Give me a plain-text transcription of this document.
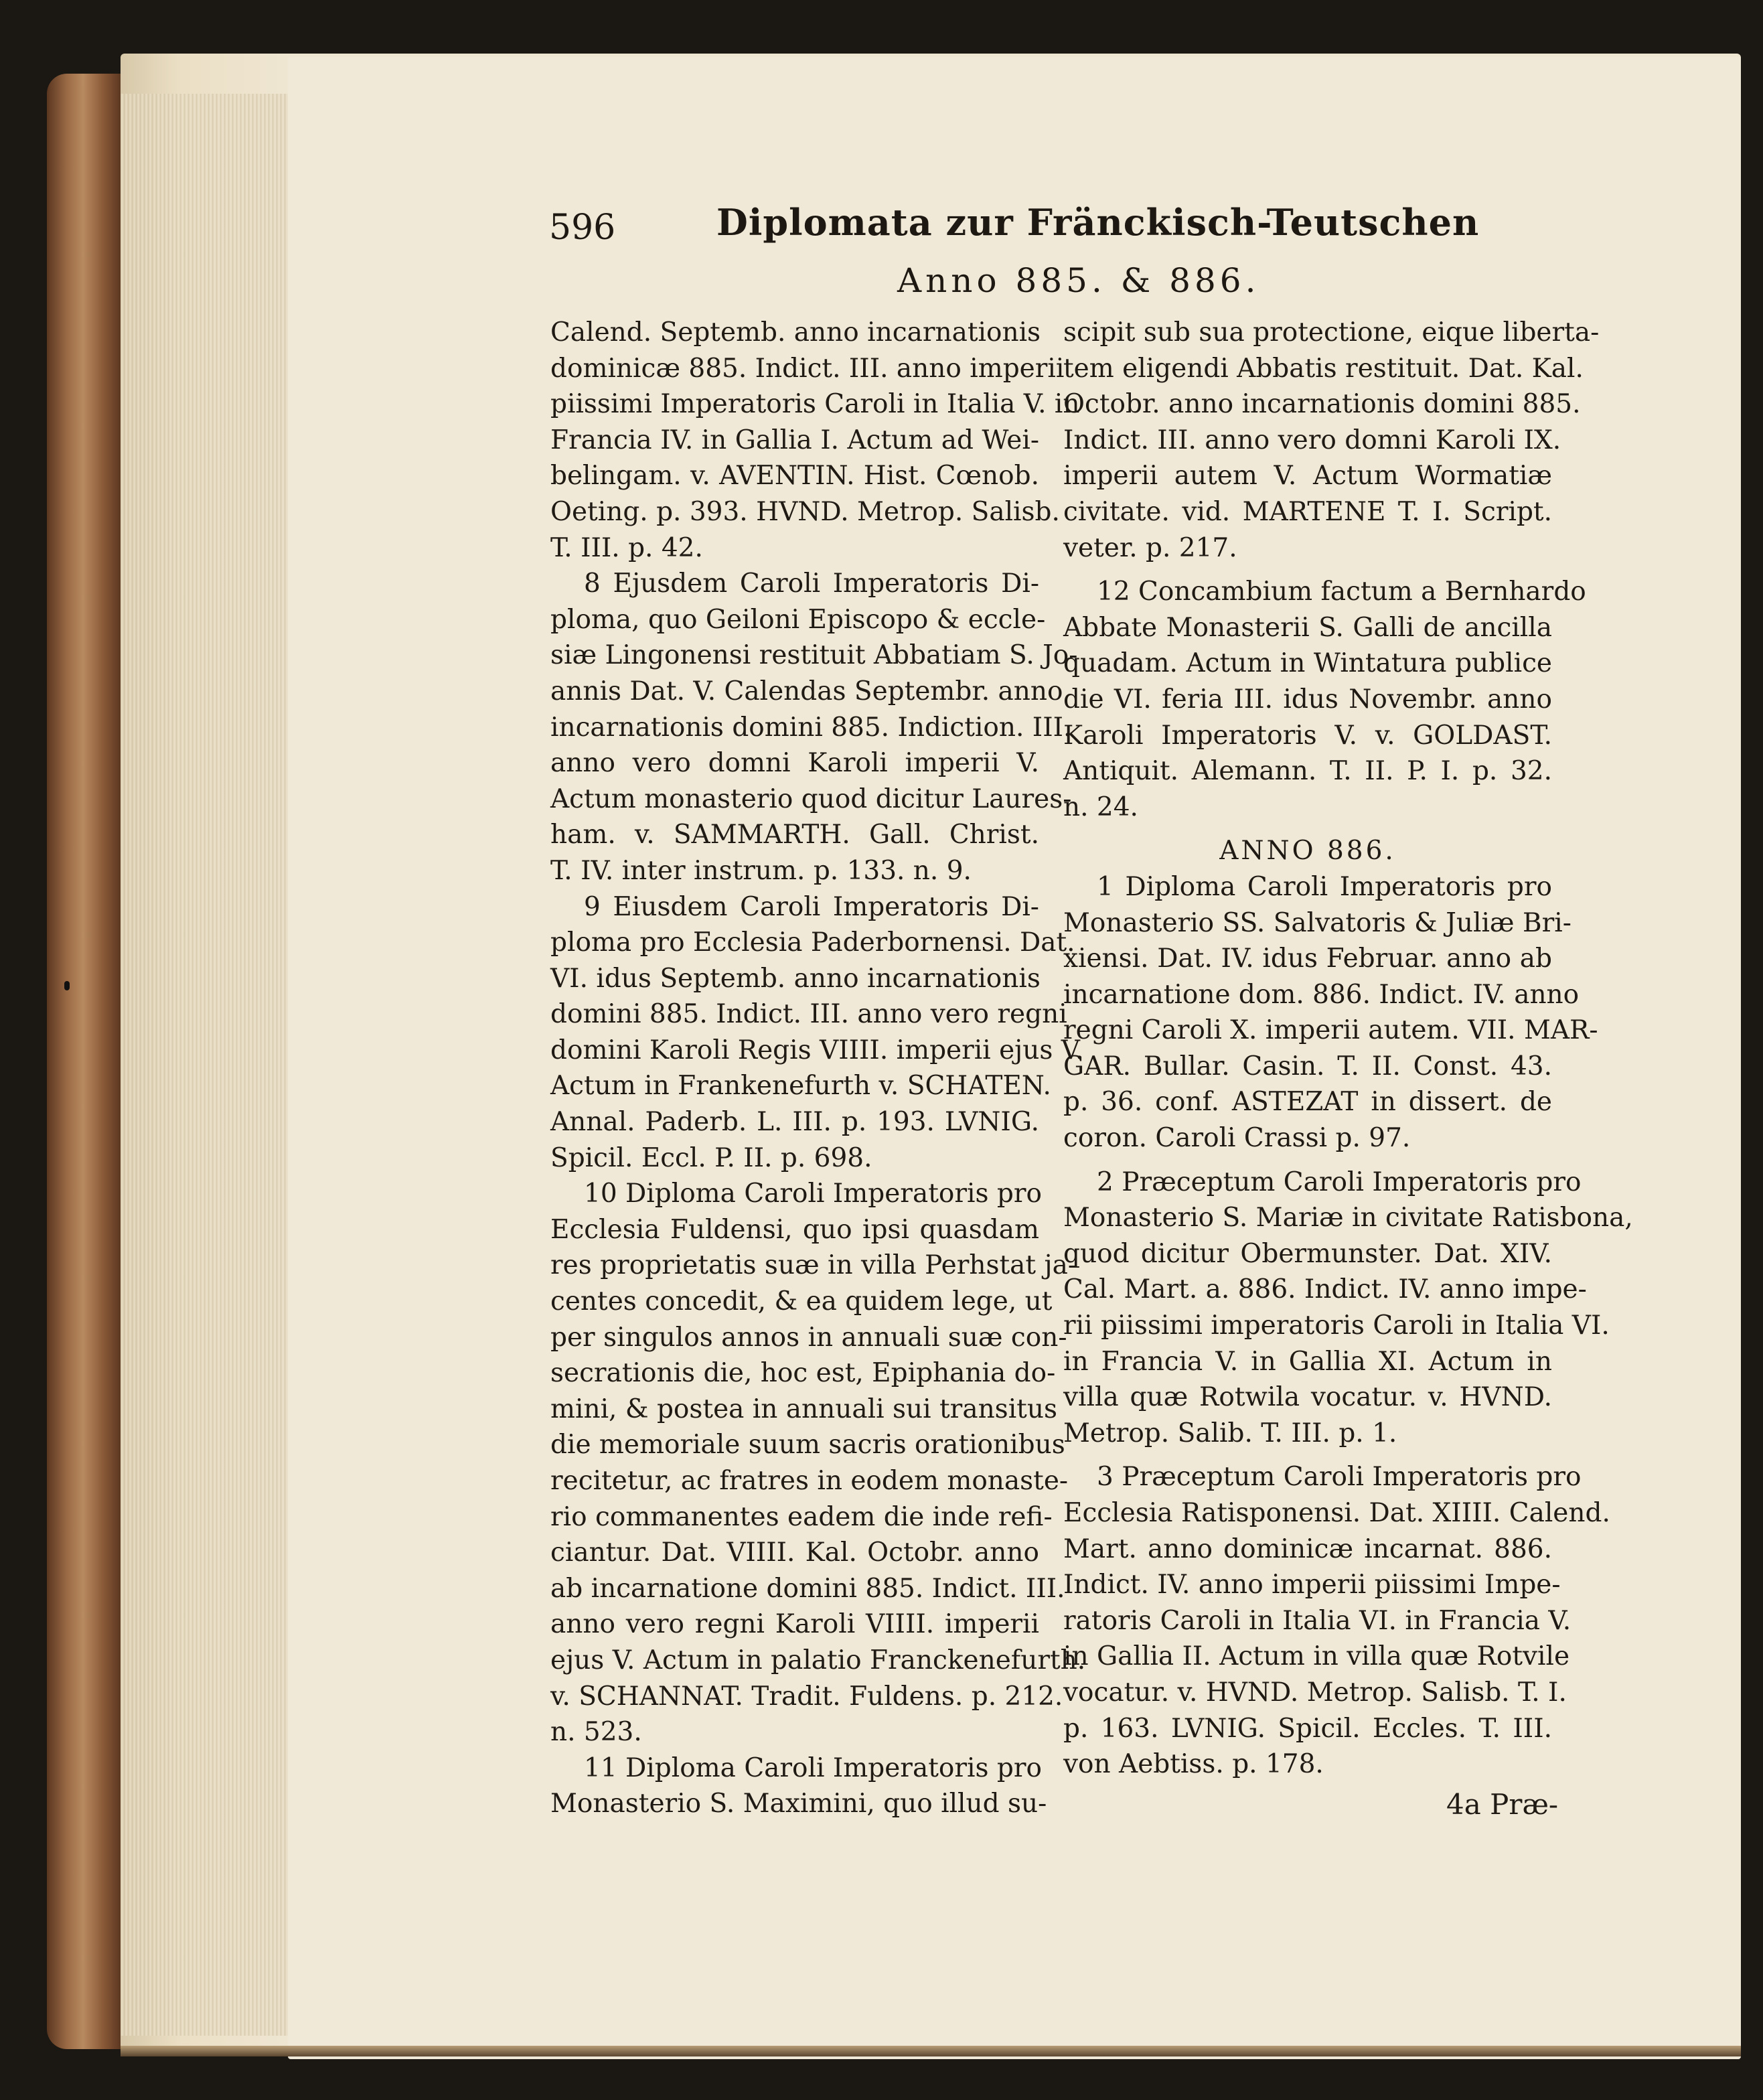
596	Diplomata zur Fränckisch-Teutschen
Anno 885. & 886.
Calend. Septemb. anno incarnationis
dominicæ 885. Indict. III. anno imperii
piissimi Imperatoris Caroli in Italia V. in
Francia IV. in Gallia I. Actum ad Wei-
belingam. v. AVENTIN. Hist. Cœnob.
Oeting. p. 393. HVND. Metrop. Salisb.
T. III. p. 42.
8 Ejusdem Caroli Imperatoris Di-
ploma, quo Geiloni Episcopo & eccle-
siæ Lingonensi restituit Abbatiam S. Jo-
annis Dat. V. Calendas Septembr. anno
incarnationis domini 885. Indiction. III.
anno vero domni Karoli imperii V.
Actum monasterio quod dicitur Laures-
ham. v. SAMMARTH. Gall. Christ.
T. IV. inter instrum. p. 133. n. 9.
9 Eiusdem Caroli Imperatoris Di-
ploma pro Ecclesia Paderbornensi. Dat.
VI. idus Septemb. anno incarnationis
domini 885. Indict. III. anno vero regni
domini Karoli Regis VIIII. imperii ejus V.
Actum in Frankenefurth v. SCHATEN.
Annal. Paderb. L. III. p. 193. LVNIG.
Spicil. Eccl. P. II. p. 698.
10 Diploma Caroli Imperatoris pro
Ecclesia Fuldensi, quo ipsi quasdam
res proprietatis suæ in villa Perhstat ja-
centes concedit, & ea quidem lege, ut
per singulos annos in annuali suæ con-
secrationis die, hoc est, Epiphania do-
mini, & postea in annuali sui transitus
die memoriale suum sacris orationibus
recitetur, ac fratres in eodem monaste-
rio commanentes eadem die inde refi-
ciantur. Dat. VIIII. Kal. Octobr. anno
ab incarnatione domini 885. Indict. III.
anno vero regni Karoli VIIII. imperii
ejus V. Actum in palatio Franckenefurth.
v. SCHANNAT. Tradit. Fuldens. p. 212.
n. 523.
11 Diploma Caroli Imperatoris pro
Monasterio S. Maximini, quo illud su-
scipit sub sua protectione, eique liberta-
tem eligendi Abbatis restituit. Dat. Kal.
Octobr. anno incarnationis domini 885.
Indict. III. anno vero domni Karoli IX.
imperii autem V. Actum Wormatiæ
civitate. vid. MARTENE T. I. Script.
veter. p. 217.
12 Concambium factum a Bernhardo
Abbate Monasterii S. Galli de ancilla
quadam. Actum in Wintatura publice
die VI. feria III. idus Novembr. anno
Karoli Imperatoris V. v. GOLDAST.
Antiquit. Alemann. T. II. P. I. p. 32.
n. 24.
ANNO 886.
1 Diploma Caroli Imperatoris pro
Monasterio SS. Salvatoris & Juliæ Bri-
xiensi. Dat. IV. idus Februar. anno ab
incarnatione dom. 886. Indict. IV. anno
regni Caroli X. imperii autem. VII. MAR-
GAR. Bullar. Casin. T. II. Const. 43.
p. 36. conf. ASTEZAT in dissert. de
coron. Caroli Crassi p. 97.
2 Præceptum Caroli Imperatoris pro
Monasterio S. Mariæ in civitate Ratisbona,
quod dicitur Obermunster. Dat. XIV.
Cal. Mart. a. 886. Indict. IV. anno impe-
rii piissimi imperatoris Caroli in Italia VI.
in Francia V. in Gallia XI. Actum in
villa quæ Rotwila vocatur. v. HVND.
Metrop. Salib. T. III. p. 1.
3 Præceptum Caroli Imperatoris pro
Ecclesia Ratisponensi. Dat. XIIII. Calend.
Mart. anno dominicæ incarnat. 886.
Indict. IV. anno imperii piissimi Impe-
ratoris Caroli in Italia VI. in Francia V.
in Gallia II. Actum in villa quæ Rotvile
vocatur. v. HVND. Metrop. Salisb. T. I.
p. 163. LVNIG. Spicil. Eccles. T. III.
von Aebtiss. p. 178.
4a Præ-
